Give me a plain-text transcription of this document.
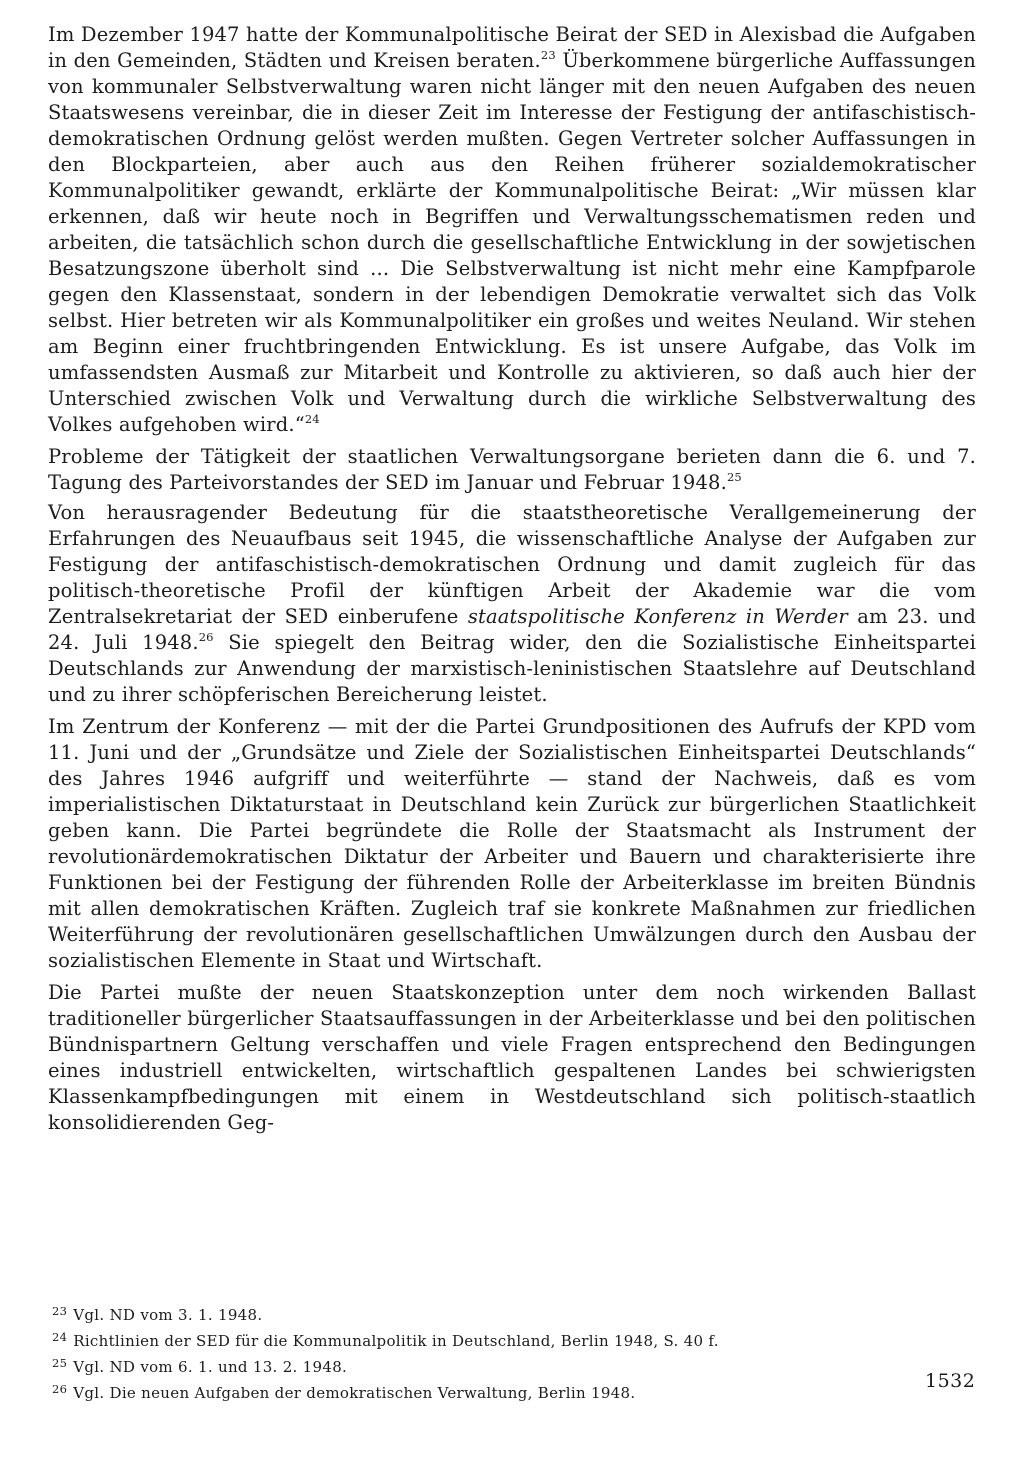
Im Dezember 1947 hatte der Kommunalpolitische Beirat der SED in Alexisbad die Aufgaben in den Gemeinden, Städten und Kreisen beraten.$^{23}$ Überkommene bürgerliche Auffassungen von kommunaler Selbstverwaltung waren nicht länger mit den neuen Aufgaben des neuen Staatswesens vereinbar, die in dieser Zeit im Interesse der Festigung der antifaschistisch-demokratischen Ordnung gelöst werden mußten. Gegen Vertreter solcher Auffassungen in den Blockparteien, aber auch aus den Reihen früherer sozialdemokratischer Kommunalpolitiker gewandt, erklärte der Kommunalpolitische Beirat: „Wir müssen klar erkennen, daß wir heute noch in Begriffen und Verwaltungsschematismen reden und arbeiten, die tatsächlich schon durch die gesellschaftliche Entwicklung in der sowjetischen Besatzungszone überholt sind ... Die Selbstverwaltung ist nicht mehr eine Kampfparole gegen den Klassenstaat, sondern in der lebendigen Demokratie verwaltet sich das Volk selbst. Hier betreten wir als Kommunalpolitiker ein großes und weites Neuland. Wir stehen am Beginn einer fruchtbringenden Entwicklung. Es ist unsere Aufgabe, das Volk im umfassendsten Ausmaß zur Mitarbeit und Kontrolle zu aktivieren, so daß auch hier der Unterschied zwischen Volk und Verwaltung durch die wirkliche Selbstverwaltung des Volkes aufgehoben wird.“$^{24}$
Probleme der Tätigkeit der staatlichen Verwaltungsorgane berieten dann die 6. und 7. Tagung des Parteivorstandes der SED im Januar und Februar 1948.25
Von herausragender Bedeutung für die staatstheoretische Verallgemeinerung der Erfahrungen des Neuaufbaus seit 1945, die wissenschaftliche Analyse der Aufgaben zur Festigung der antifaschistisch-demokratischen Ordnung und damit zugleich für das politisch-theoretische Profil der künftigen Arbeit der Akademie war die vom Zentralsekretariat der SED einberufene staatspolitische Konferenz in Werder am 23. und 24. Juli 1948.26 Sie spiegelt den Beitrag wider, den die Sozialistische Einheitspartei Deutschlands zur Anwendung der marxistisch-leninistischen Staatslehre auf Deutschland und zu ihrer schöpferischen Bereicherung leistet.
Im Zentrum der Konferenz — mit der die Partei Grundpositionen des Aufrufs der KPD vom 11. Juni und der „Grundsätze und Ziele der Sozialistischen Einheitspartei Deutschlands“ des Jahres 1946 aufgriff und weiterführte — stand der Nachweis, daß es vom imperialistischen Diktaturstaat in Deutschland kein Zurück zur bürgerlichen Staatlichkeit geben kann. Die Partei begründete die Rolle der Staatsmacht als Instrument der revolutionärdemokratischen Diktatur der Arbeiter und Bauern und charakterisierte ihre Funktionen bei der Festigung der führenden Rolle der Arbeiterklasse im breiten Bündnis mit allen demokratischen Kräften. Zugleich traf sie konkrete Maßnahmen zur friedlichen Weiterführung der revolutionären gesellschaftlichen Umwälzungen durch den Ausbau der sozialistischen Elemente in Staat und Wirtschaft.
Die Partei mußte der neuen Staatskonzeption unter dem noch wirkenden Ballast traditioneller bürgerlicher Staatsauffassungen in der Arbeiterklasse und bei den politischen Bündnispartnern Geltung verschaffen und viele Fragen entsprechend den Bedingungen eines industriell entwickelten, wirtschaftlich gespaltenen Landes bei schwierigsten Klassenkampfbedingungen mit einem in Westdeutschland sich politisch-staatlich konsolidierenden Geg-
$^{23}$ Vgl. ND vom 3. 1. 1948.
$^{24}$ Richtlinien der SED für die Kommunalpolitik in Deutschland, Berlin 1948, S. 40 f.
$^{25}$ Vgl. ND vom 6. 1. und 13. 2. 1948.
$^{26}$ Vgl. Die neuen Aufgaben der demokratischen Verwaltung, Berlin 1948.
1532
